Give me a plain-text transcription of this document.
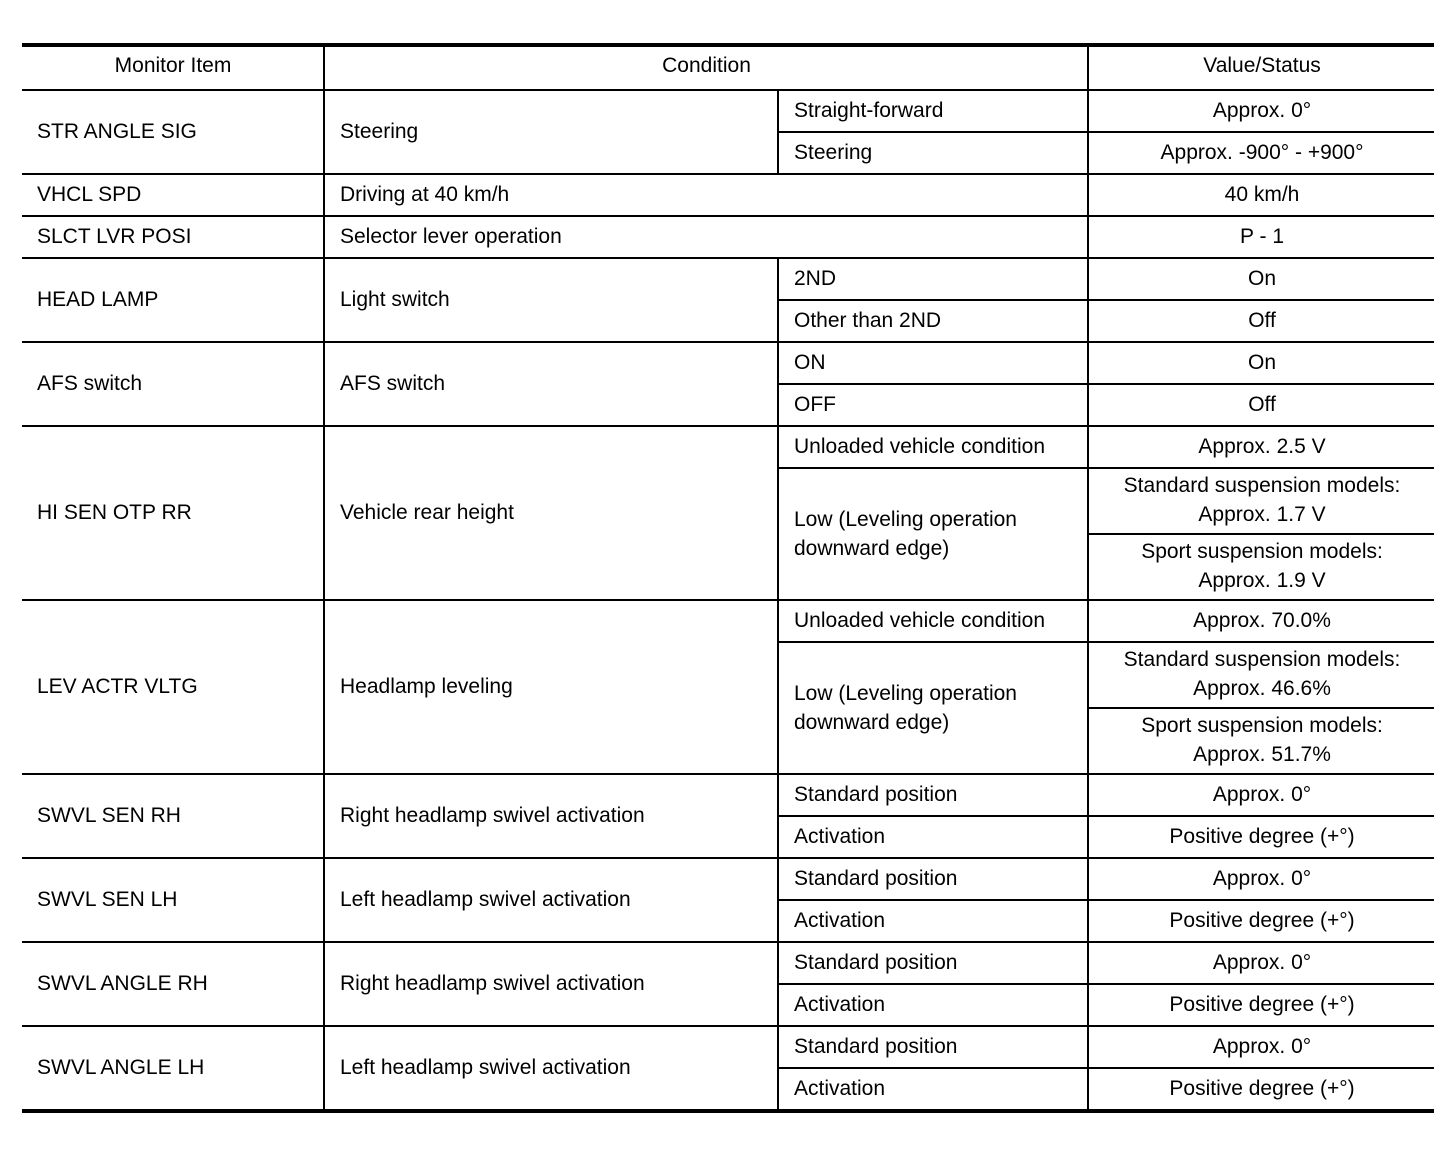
Monitor Item	Condition		Value/Status
STR ANGLE SIG	Steering	Straight-forward	Approx. 0°
		Steering	Approx. -900° - +900°
VHCL SPD	Driving at 40 km/h		40 km/h
SLCT LVR POSI	Selector lever operation		P - 1
HEAD LAMP	Light switch	2ND	On
		Other than 2ND	Off
AFS switch	AFS switch	ON	On
		OFF	Off
HI SEN OTP RR	Vehicle rear height	Unloaded vehicle condition	Approx. 2.5 V
		Low (Leveling operation downward edge)	Standard suspension models:
Approx. 1.7 V

			Sport suspension models:
Approx. 1.9 V

LEV ACTR VLTG	Headlamp leveling	Unloaded vehicle condition	Approx. 70.0%
		Low (Leveling operation downward edge)	Standard suspension models:
Approx. 46.6%

			Sport suspension models:
Approx. 51.7%

SWVL SEN RH	Right headlamp swivel activation	Standard position	Approx. 0°
		Activation	Positive degree (+°)
SWVL SEN LH	Left headlamp swivel activation	Standard position	Approx. 0°
		Activation	Positive degree (+°)
SWVL ANGLE RH	Right headlamp swivel activation	Standard position	Approx. 0°
		Activation	Positive degree (+°)
SWVL ANGLE LH	Left headlamp swivel activation	Standard position	Approx. 0°
		Activation	Positive degree (+°)
